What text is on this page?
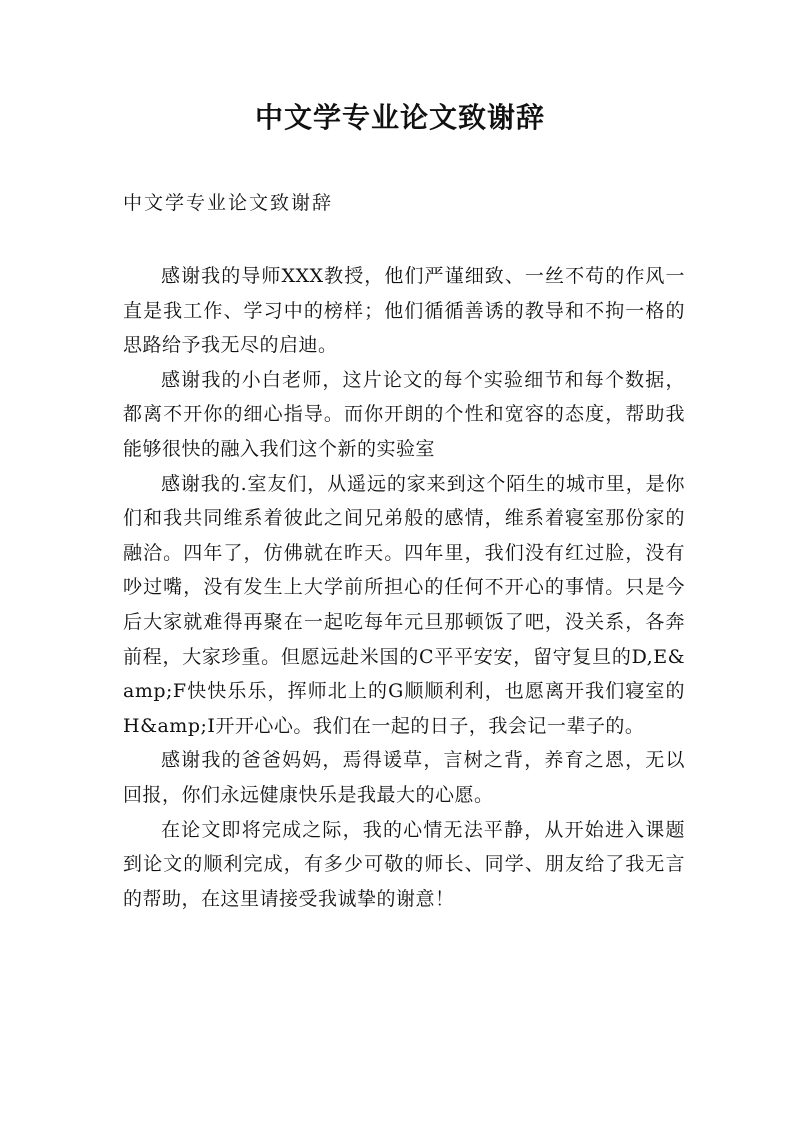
中文学专业论文致谢辞

中文学专业论文致谢辞

感谢我的导师XXX教授，他们严谨细致、一丝不苟的作风一直是我工作、学习中的榜样；他们循循善诱的教导和不拘一格的思路给予我无尽的启迪。

感谢我的小白老师，这片论文的每个实验细节和每个数据，都离不开你的细心指导。而你开朗的个性和宽容的态度，帮助我能够很快的融入我们这个新的实验室

感谢我的.室友们，从遥远的家来到这个陌生的城市里，是你们和我共同维系着彼此之间兄弟般的感情，维系着寝室那份家的融洽。四年了，仿佛就在昨天。四年里，我们没有红过脸，没有吵过嘴，没有发生上大学前所担心的任何不开心的事情。只是今后大家就难得再聚在一起吃每年元旦那顿饭了吧，没关系，各奔前程，大家珍重。但愿远赴米国的C平平安安，留守复旦的D,E&amp;F快快乐乐，挥师北上的G顺顺利利，也愿离开我们寝室的H&amp;I开开心心。我们在一起的日子，我会记一辈子的。

感谢我的爸爸妈妈，焉得谖草，言树之背，养育之恩，无以回报，你们永远健康快乐是我最大的心愿。

在论文即将完成之际，我的心情无法平静，从开始进入课题到论文的顺利完成，有多少可敬的师长、同学、朋友给了我无言的帮助，在这里请接受我诚挚的谢意！
